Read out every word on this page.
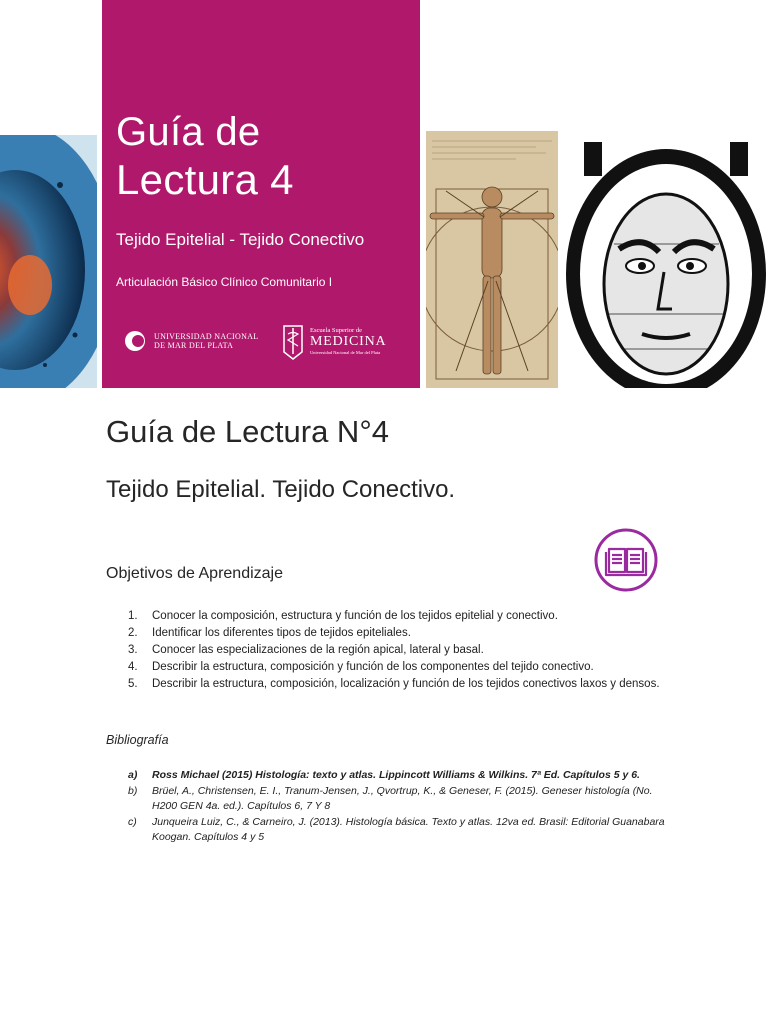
Guía de
Lectura 4
Tejido Epitelial - Tejido Conectivo
Articulación Básico Clínico Comunitario I
UNIVERSIDAD NACIONAL
DE MAR DEL PLATA
Escuela Superior de
MEDICINA
Universidad Nacional de Mar del Plata
Guía de Lectura N°4
Tejido Epitelial. Tejido Conectivo.
Objetivos de Aprendizaje
1.	Conocer la composición, estructura y función de los tejidos epitelial y conectivo.
2.	Identificar los diferentes tipos de tejidos epiteliales.
3.	Conocer las especializaciones de la región apical, lateral y basal.
4.	Describir la estructura, composición y función de los componentes del tejido conectivo.
5.	Describir la estructura, composición, localización y función de los tejidos conectivos laxos y densos.
Bibliografía
a)	Ross Michael (2015) Histología: texto y atlas. Lippincott Williams & Wilkins. 7ª Ed. Capítulos 5 y 6.
b)	Brüel, A., Christensen, E. I., Tranum-Jensen, J., Qvortrup, K., & Geneser, F. (2015). Geneser histología (No. H200 GEN 4a. ed.). Capítulos 6, 7 Y 8
c)	Junqueira Luiz, C., & Carneiro, J. (2013). Histología básica. Texto y atlas. 12va ed. Brasil: Editorial Guanabara Koogan. Capítulos 4 y 5
